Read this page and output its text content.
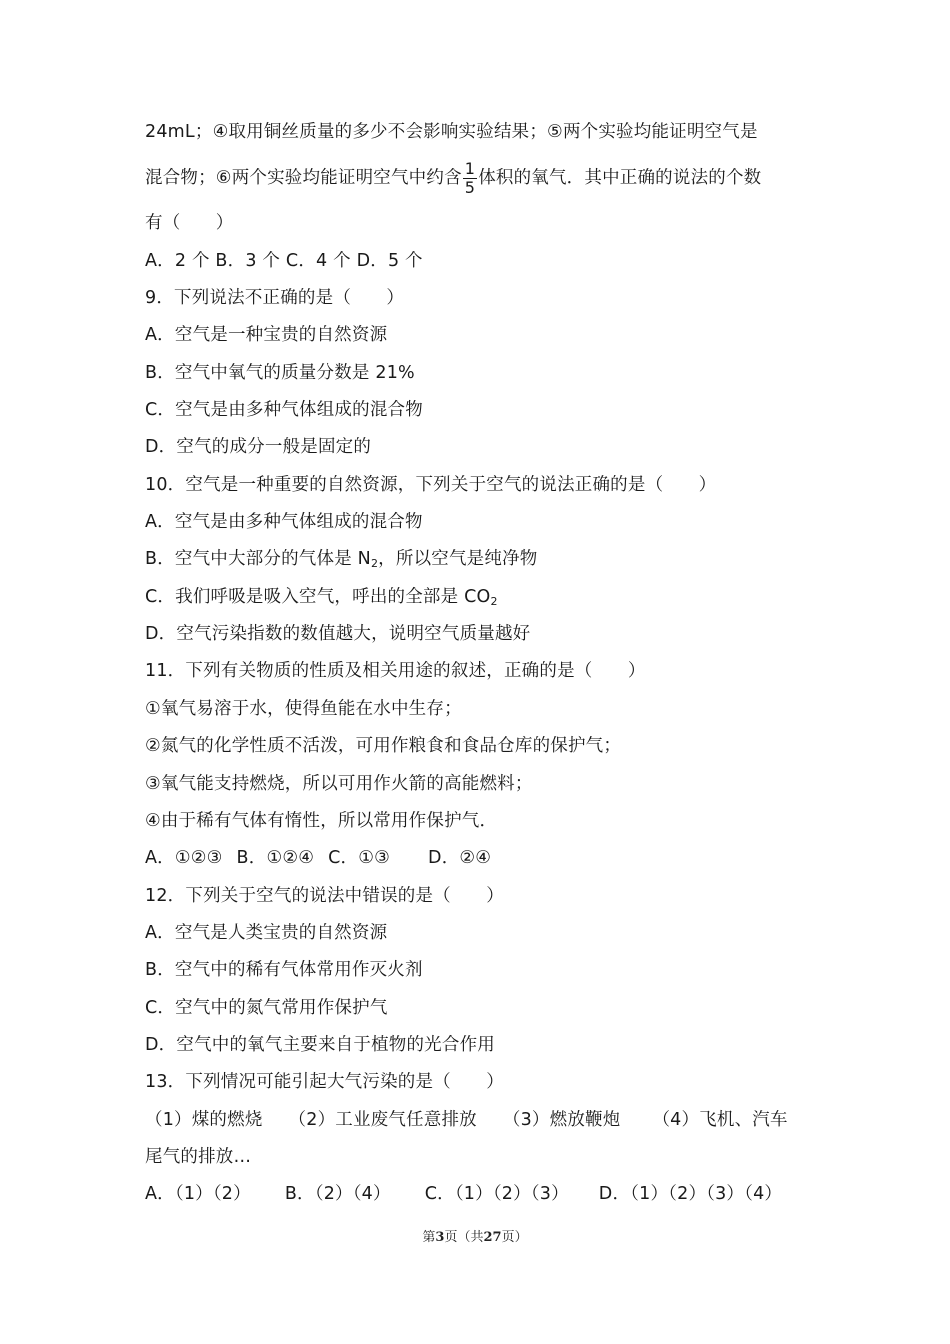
24mL；④取用铜丝质量的多少不会影响实验结果；⑤两个实验均能证明空气是
混合物；⑥两个实验均能证明空气中约含 $\frac{1}{5}$ 体积的氧气．其中正确的说法的个数
有（　　）
A．2 个 B．3 个 C．4 个 D．5 个
9．下列说法不正确的是（　　）
A．空气是一种宝贵的自然资源
B．空气中氧气的质量分数是 21%
C．空气是由多种气体组成的混合物
D．空气的成分一般是固定的
10．空气是一种重要的自然资源，下列关于空气的说法正确的是（　　）
A．空气是由多种气体组成的混合物
B．空气中大部分的气体是 $N_2$，所以空气是纯净物
C．我们呼吸是吸入空气，呼出的全部是 $CO_2$
D．空气污染指数的数值越大，说明空气质量越好
11．下列有关物质的性质及相关用途的叙述，正确的是（　　）
①氧气易溶于水，使得鱼能在水中生存；
②氮气的化学性质不活泼，可用作粮食和食品仓库的保护气；
③氧气能支持燃烧，所以可用作火箭的高能燃料；
④由于稀有气体有惰性，所以常用作保护气．
A．①②③ B．①②④ C．①③ D．②④
12．下列关于空气的说法中错误的是（　　）
A．空气是人类宝贵的自然资源
B．空气中的稀有气体常用作灭火剂
C．空气中的氮气常用作保护气
D．空气中的氧气主要来自于植物的光合作用
13．下列情况可能引起大气污染的是（　　）
（1）煤的燃烧 （2）工业废气任意排放 （3）燃放鞭炮 （4）飞机、汽车
尾气的排放…
A．（1）（2） B．（2）（4） C．（1）（2）（3） D．（1）（2）（3）（4）
第3页（共27页）
